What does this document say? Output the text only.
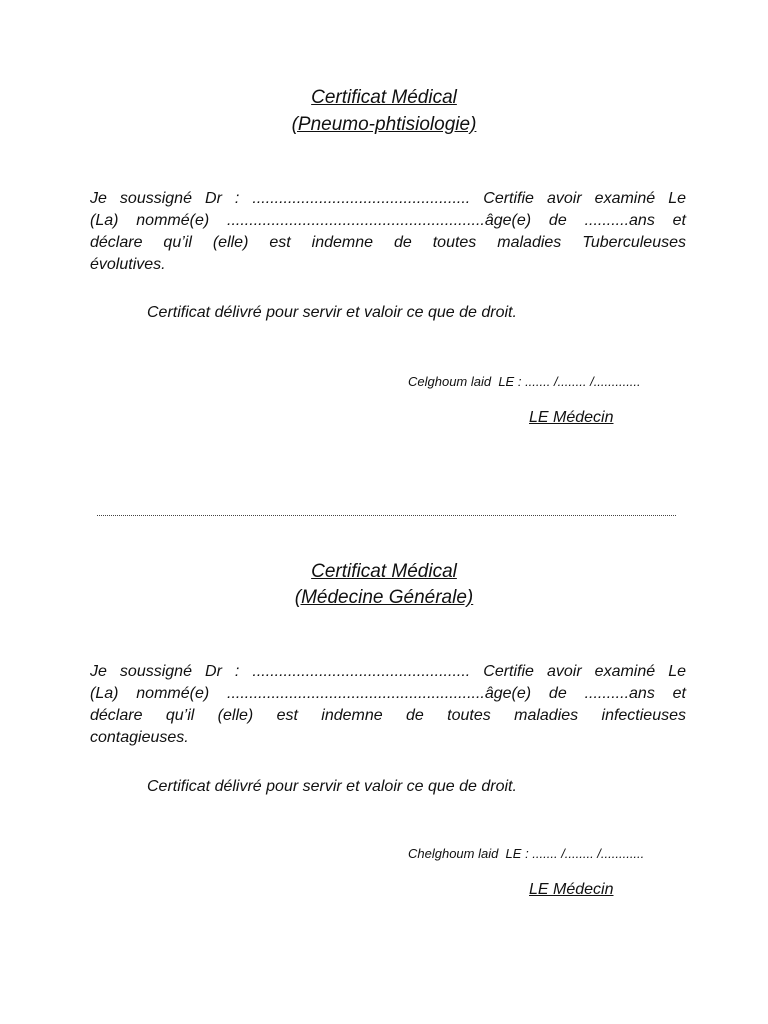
Certificat Médical
(Pneumo-phtisiologie)
Je soussigné Dr : ................................................. Certifie avoir examiné Le
(La) nommé(e) ..........................................................âge(e) de ..........ans et
déclare qu’il (elle) est indemne de toutes maladies Tuberculeuses
évolutives.
Certificat délivré pour servir et valoir ce que de droit.
Celghoum laid  LE : ....... /........ /.............
LE Médecin
Certificat Médical
(Médecine Générale)
Je soussigné Dr : ................................................. Certifie avoir examiné Le
(La) nommé(e) ..........................................................âge(e) de ..........ans et
déclare qu’il (elle) est indemne de toutes maladies infectieuses
contagieuses.
Certificat délivré pour servir et valoir ce que de droit.
Chelghoum laid  LE : ....... /........ /............
LE Médecin
